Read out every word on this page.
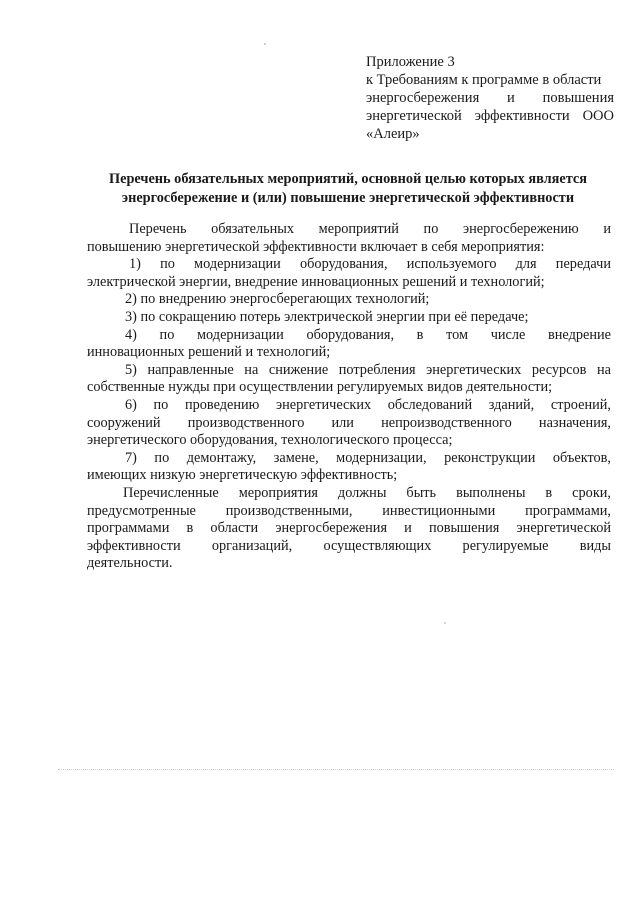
Приложение 3
к Требованиям к программе в области
энергосбережения и повышения
энергетической эффективности ООО
«Алеир»
Перечень обязательных мероприятий, основной целью которых является
энергосбережение и (или) повышение энергетической эффективности
Перечень обязательных мероприятий по энергосбережению и
повышению энергетической эффективности включает в себя мероприятия:
1) по модернизации оборудования, используемого для передачи
электрической энергии, внедрение инновационных решений и технологий;
2) по внедрению энергосберегающих технологий;
3) по сокращению потерь электрической энергии при её передаче;
4) по модернизации оборудования, в том числе внедрение
инновационных решений и технологий;
5) направленные на снижение потребления энергетических ресурсов на
собственные нужды при осуществлении регулируемых видов деятельности;
6) по проведению энергетических обследований зданий, строений,
сооружений производственного или непроизводственного назначения,
энергетического оборудования, технологического процесса;
7) по демонтажу, замене, модернизации, реконструкции объектов,
имеющих низкую энергетическую эффективность;
Перечисленные мероприятия должны быть выполнены в сроки,
предусмотренные производственными, инвестиционными программами,
программами в области энергосбережения и повышения энергетической
эффективности организаций, осуществляющих регулируемые виды
деятельности.
